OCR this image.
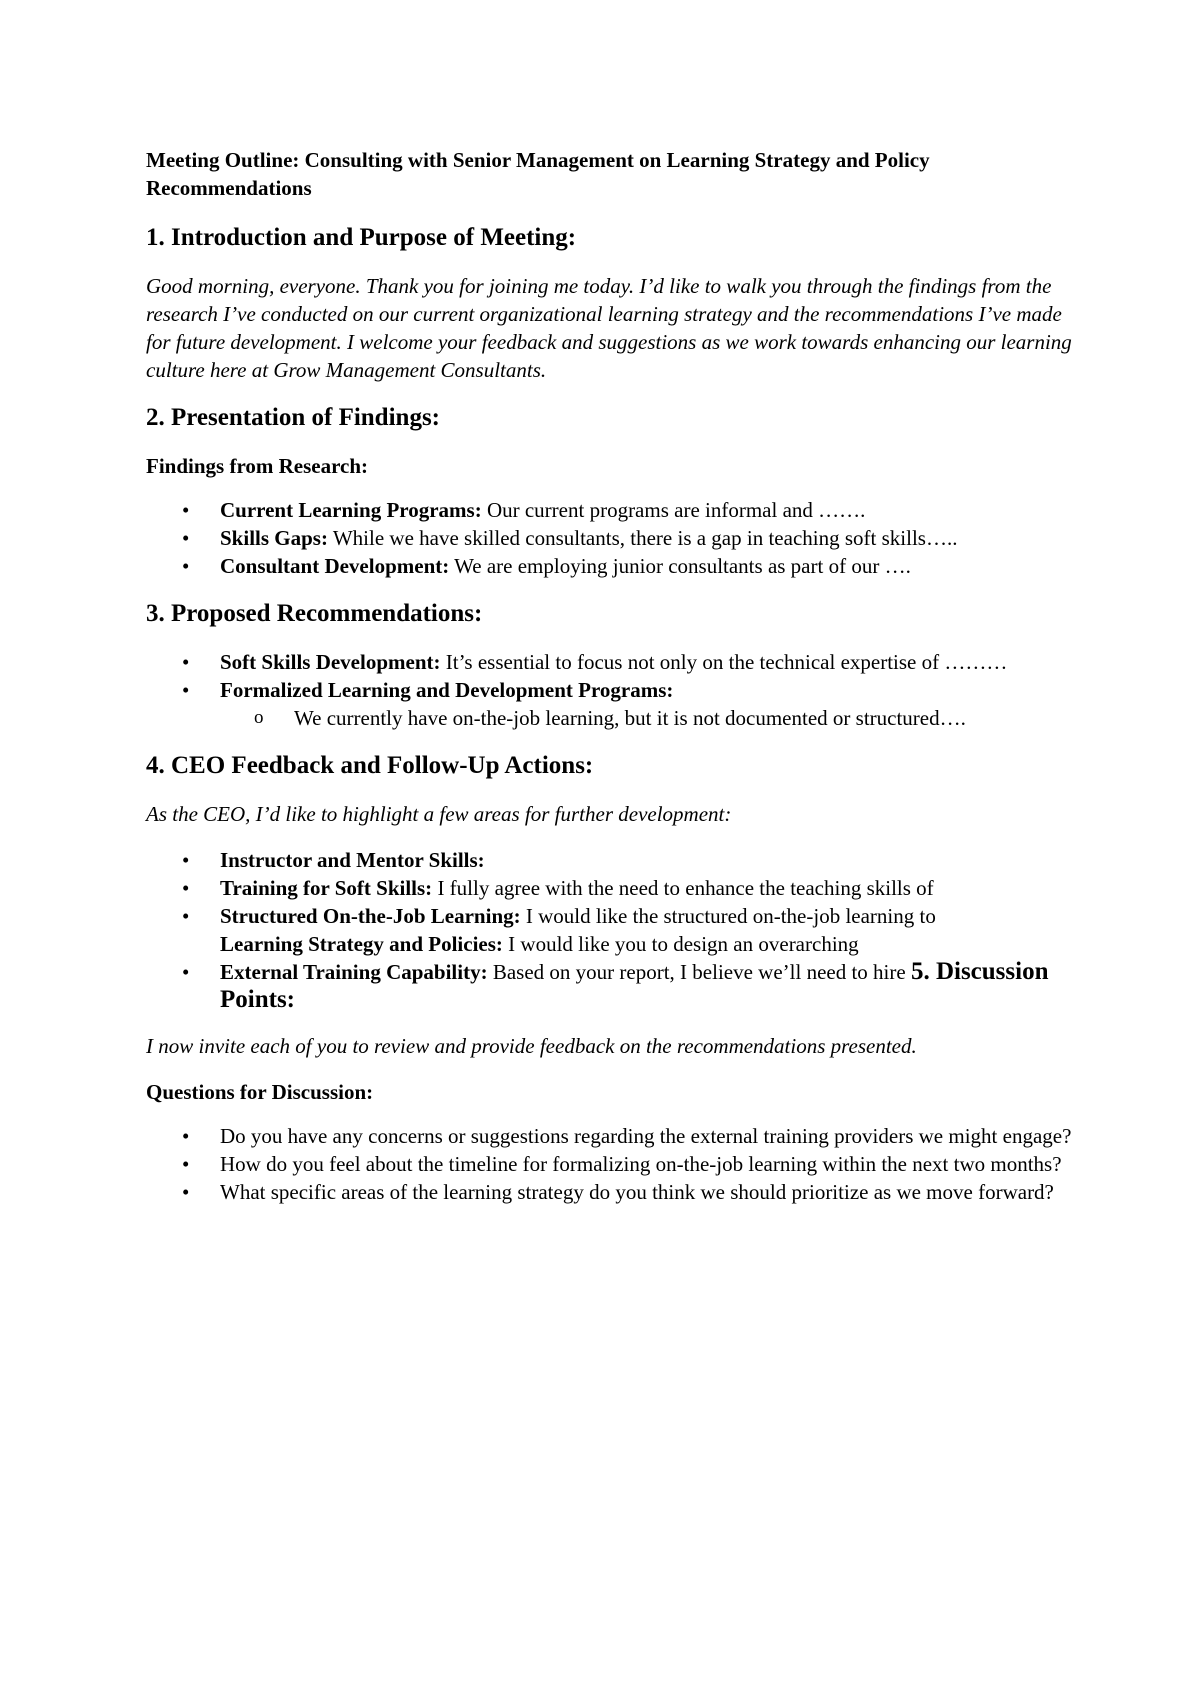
Meeting Outline: Consulting with Senior Management on Learning Strategy and Policy Recommendations

1. Introduction and Purpose of Meeting:

Good morning, everyone. Thank you for joining me today. I’d like to walk you through the findings from the research I’ve conducted on our current organizational learning strategy and the recommendations I’ve made for future development. I welcome your feedback and suggestions as we work towards enhancing our learning culture here at Grow Management Consultants.

2. Presentation of Findings:

Findings from Research:

• Current Learning Programs: Our current programs are informal and …….
• Skills Gaps: While we have skilled consultants, there is a gap in teaching soft skills…..
• Consultant Development: We are employing junior consultants as part of our ….
3. Proposed Recommendations:
• Soft Skills Development: It’s essential to focus not only on the technical expertise of ………
• Formalized Learning and Development Programs:
o We currently have on-the-job learning, but it is not documented or structured….
4. CEO Feedback and Follow-Up Actions:

As the CEO, I’d like to highlight a few areas for further development:

• Instructor and Mentor Skills:
• Training for Soft Skills: I fully agree with the need to enhance the teaching skills of
• Structured On-the-Job Learning: I would like the structured on-the-job learning to
Learning Strategy and Policies: I would like you to design an overarching
• External Training Capability: Based on your report, I believe we’ll need to hire 5. Discussion Points:

I now invite each of you to review and provide feedback on the recommendations presented.

Questions for Discussion:

• Do you have any concerns or suggestions regarding the external training providers we might engage?
• How do you feel about the timeline for formalizing on-the-job learning within the next two months?
• What specific areas of the learning strategy do you think we should prioritize as we move forward?
